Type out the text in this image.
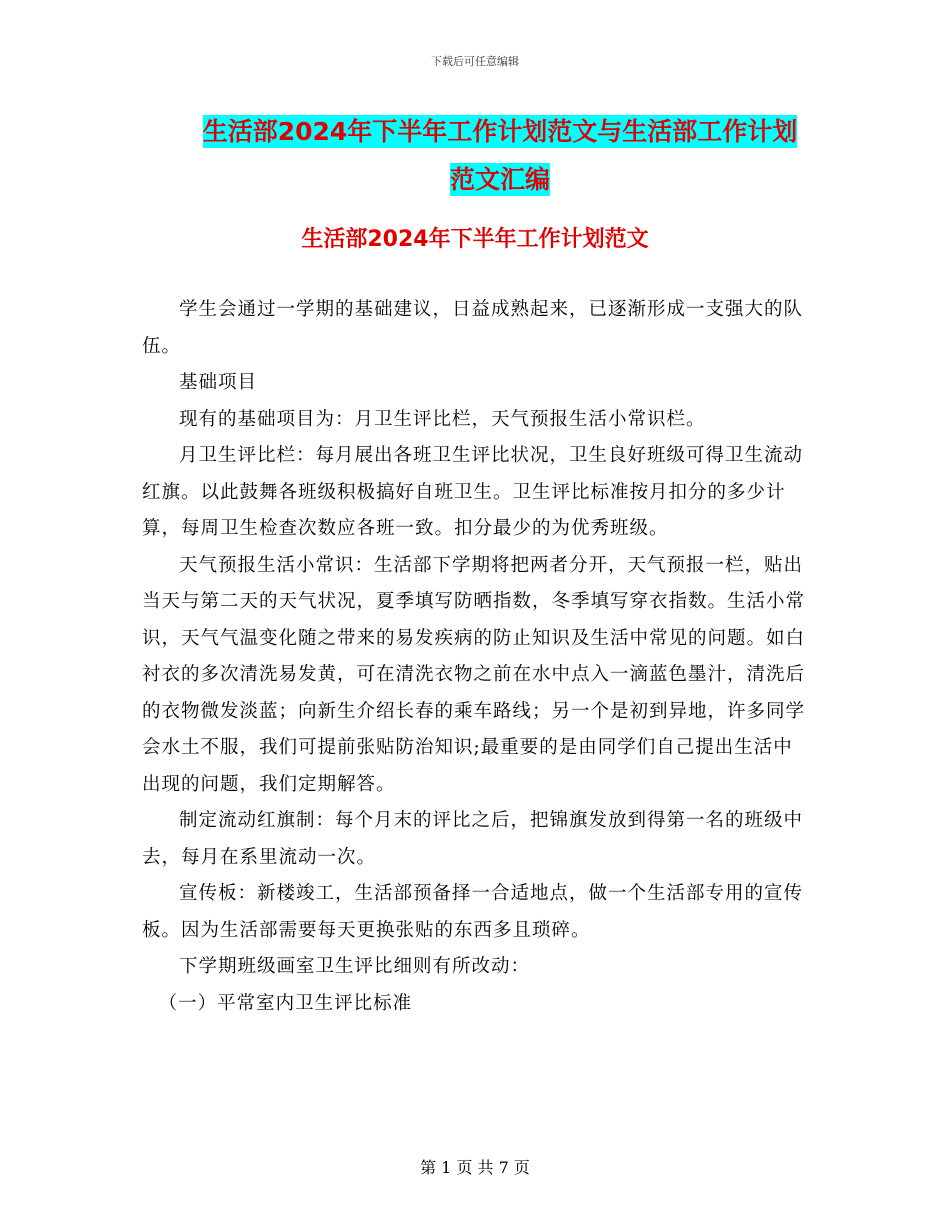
下载后可任意编辑
生活部2024年下半年工作计划范文与生活部工作计划
范文汇编
生活部2024年下半年工作计划范文

学生会通过一学期的基础建议，日益成熟起来，已逐渐形成一支强大的队伍。

基础项目

现有的基础项目为：月卫生评比栏，天气预报生活小常识栏。

月卫生评比栏：每月展出各班卫生评比状况，卫生良好班级可得卫生流动红旗。以此鼓舞各班级积极搞好自班卫生。卫生评比标准按月扣分的多少计算，每周卫生检查次数应各班一致。扣分最少的为优秀班级。

天气预报生活小常识：生活部下学期将把两者分开，天气预报一栏，贴出当天与第二天的天气状况，夏季填写防晒指数，冬季填写穿衣指数。生活小常识，天气气温变化随之带来的易发疾病的防止知识及生活中常见的问题。如白衬衣的多次清洗易发黄，可在清洗衣物之前在水中点入一滴蓝色墨汁，清洗后的衣物微发淡蓝；向新生介绍长春的乘车路线；另一个是初到异地，许多同学会水土不服，我们可提前张贴防治知识;最重要的是由同学们自己提出生活中出现的问题，我们定期解答。

制定流动红旗制：每个月末的评比之后，把锦旗发放到得第一名的班级中去，每月在系里流动一次。

宣传板：新楼竣工，生活部预备择一合适地点，做一个生活部专用的宣传板。因为生活部需要每天更换张贴的东西多且琐碎。

下学期班级画室卫生评比细则有所改动：

（一）平常室内卫生评比标准

第 1 页 共 7 页
